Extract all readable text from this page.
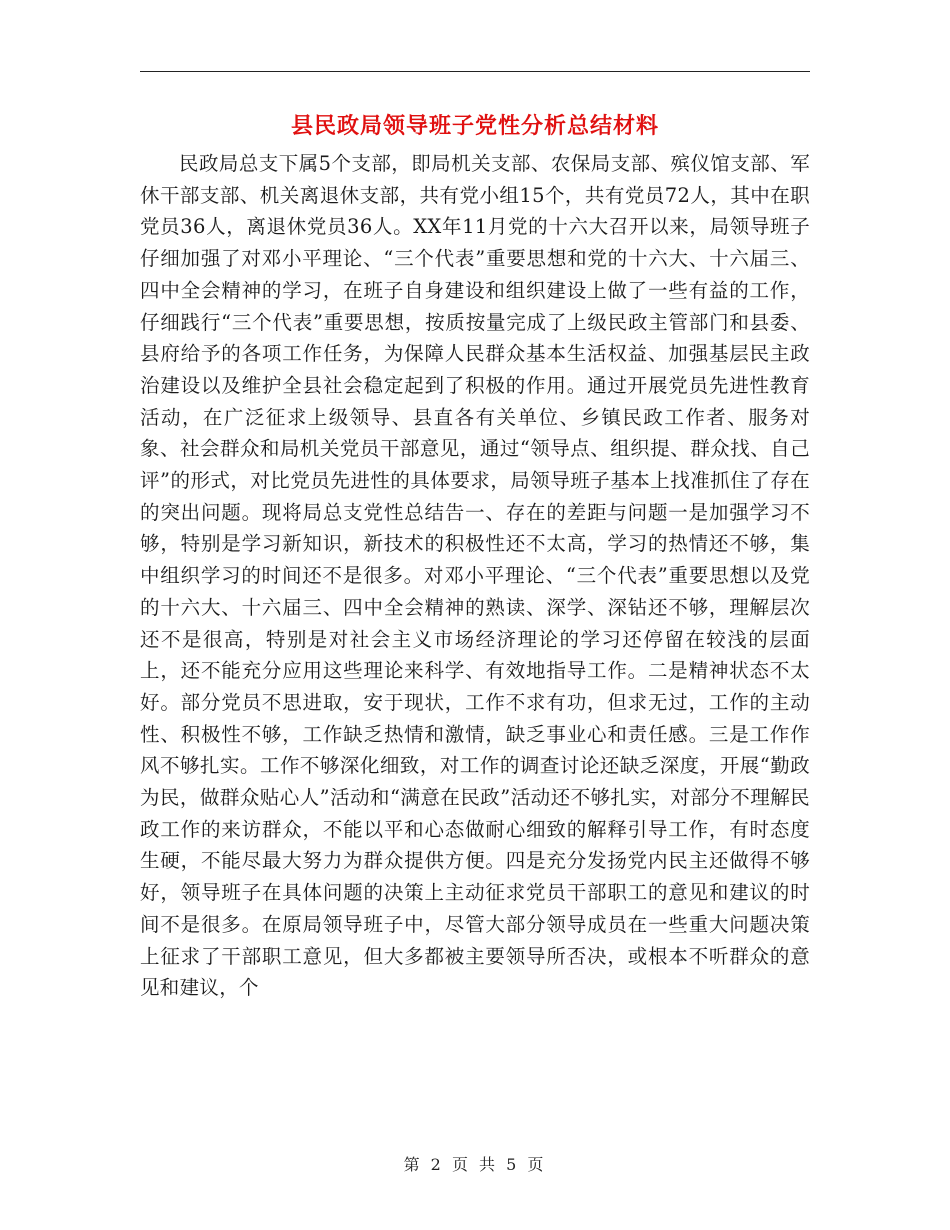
县民政局领导班子党性分析总结材料

民政局总支下属5个支部，即局机关支部、农保局支部、殡仪馆支部、军休干部支部、机关离退休支部，共有党小组15个，共有党员72人，其中在职党员36人，离退休党员36人。XX年11月党的十六大召开以来，局领导班子仔细加强了对邓小平理论、“三个代表”重要思想和党的十六大、十六届三、四中全会精神的学习，在班子自身建设和组织建设上做了一些有益的工作，仔细践行“三个代表”重要思想，按质按量完成了上级民政主管部门和县委、县府给予的各项工作任务，为保障人民群众基本生活权益、加强基层民主政治建设以及维护全县社会稳定起到了积极的作用。通过开展党员先进性教育活动，在广泛征求上级领导、县直各有关单位、乡镇民政工作者、服务对象、社会群众和局机关党员干部意见，通过“领导点、组织提、群众找、自己评”的形式，对比党员先进性的具体要求，局领导班子基本上找准抓住了存在的突出问题。现将局总支党性总结告一、存在的差距与问题一是加强学习不够，特别是学习新知识，新技术的积极性还不太高，学习的热情还不够，集中组织学习的时间还不是很多。对邓小平理论、“三个代表”重要思想以及党的十六大、十六届三、四中全会精神的熟读、深学、深钻还不够，理解层次还不是很高，特别是对社会主义市场经济理论的学习还停留在较浅的层面上，还不能充分应用这些理论来科学、有效地指导工作。二是精神状态不太好。部分党员不思进取，安于现状，工作不求有功，但求无过，工作的主动性、积极性不够，工作缺乏热情和激情，缺乏事业心和责任感。三是工作作风不够扎实。工作不够深化细致，对工作的调查讨论还缺乏深度，开展“勤政为民，做群众贴心人”活动和“满意在民政”活动还不够扎实，对部分不理解民政工作的来访群众，不能以平和心态做耐心细致的解释引导工作，有时态度生硬，不能尽最大努力为群众提供方便。四是充分发扬党内民主还做得不够好，领导班子在具体问题的决策上主动征求党员干部职工的意见和建议的时间不是很多。在原局领导班子中，尽管大部分领导成员在一些重大问题决策上征求了干部职工意见，但大多都被主要领导所否决，或根本不听群众的意见和建议，个

第 2 页 共 5 页
